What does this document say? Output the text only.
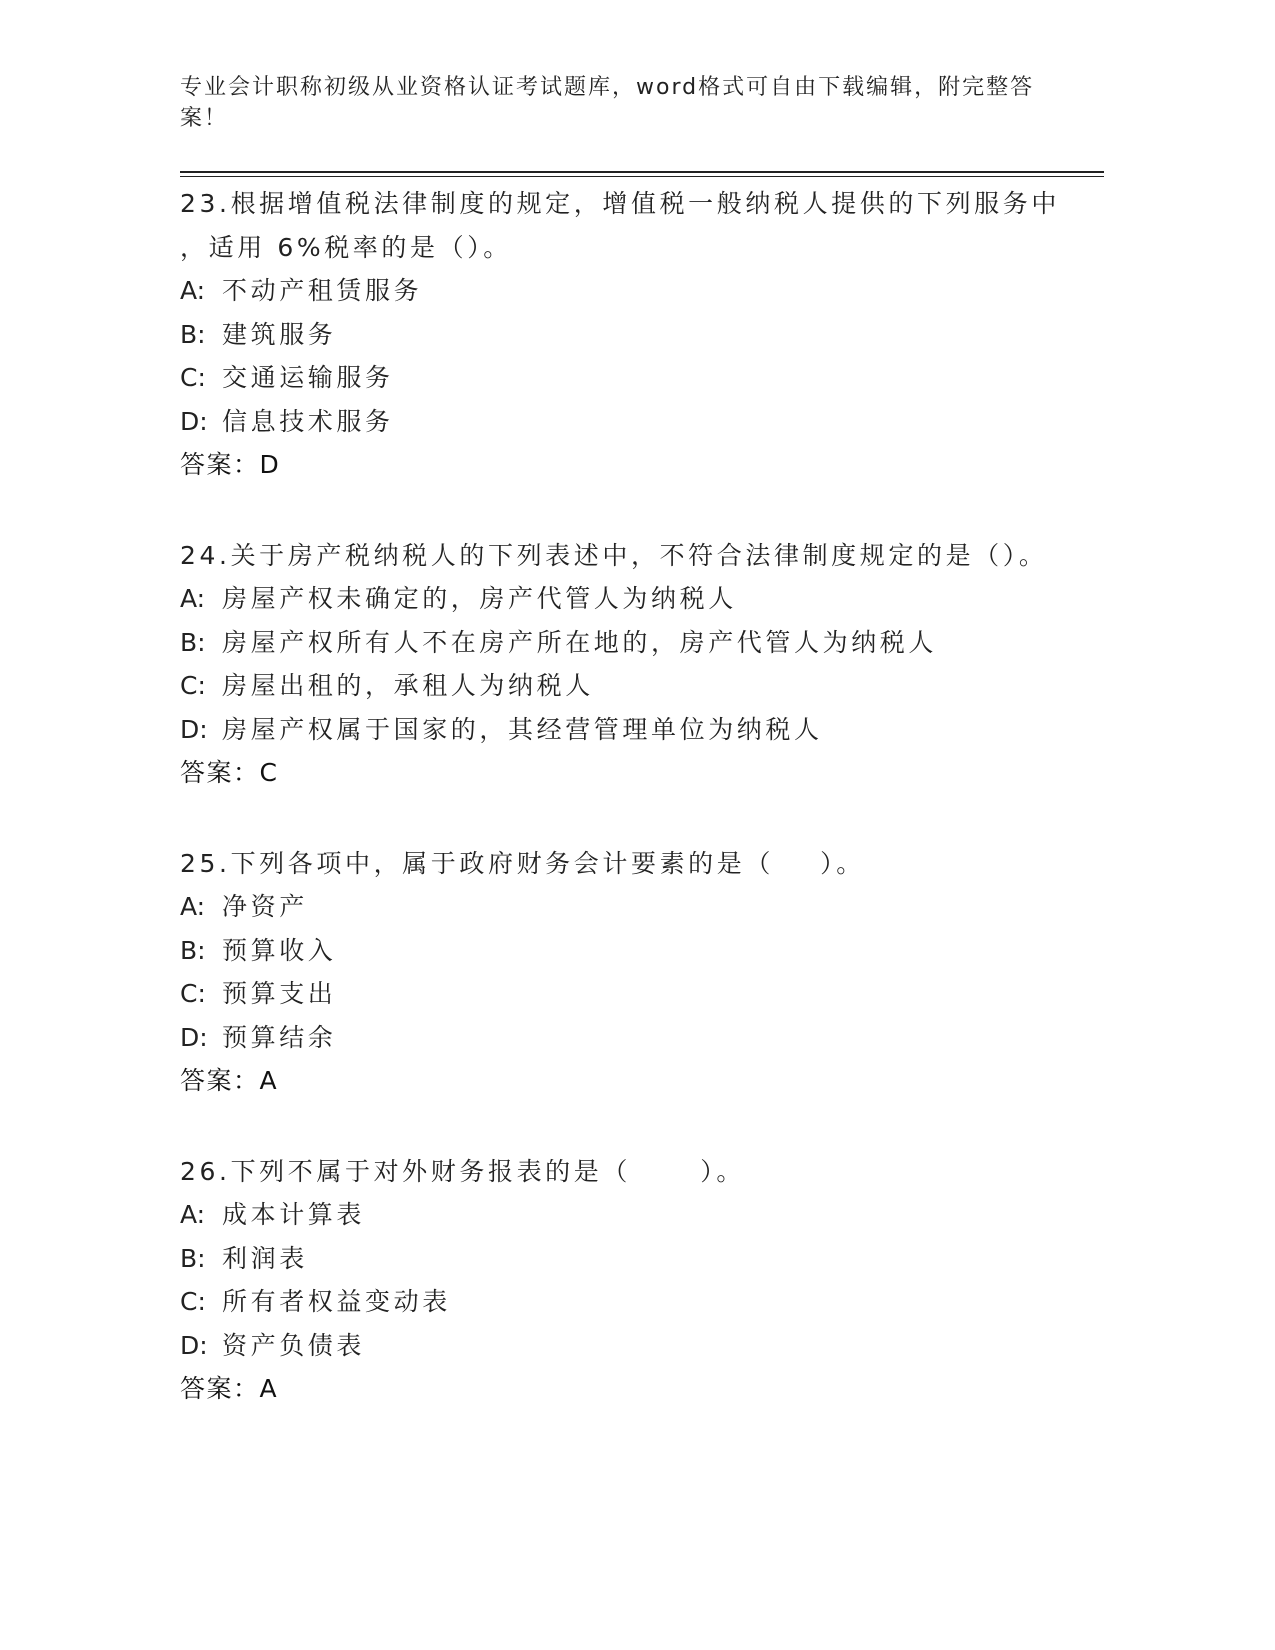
专业会计职称初级从业资格认证考试题库，word格式可自由下载编辑，附完整答案！
23.根据增值税法律制度的规定，增值税一般纳税人提供的下列服务中
，适用 6%税率的是（）。
A: 不动产租赁服务
B: 建筑服务
C: 交通运输服务
D: 信息技术服务
答案：D
24.关于房产税纳税人的下列表述中，不符合法律制度规定的是（）。
A: 房屋产权未确定的，房产代管人为纳税人
B: 房屋产权所有人不在房产所在地的，房产代管人为纳税人
C: 房屋出租的，承租人为纳税人
D: 房屋产权属于国家的，其经营管理单位为纳税人
答案：C
25.下列各项中，属于政府财务会计要素的是（    ）。
A: 净资产
B: 预算收入
C: 预算支出
D: 预算结余
答案：A
26.下列不属于对外财务报表的是（      ）。
A: 成本计算表
B: 利润表
C: 所有者权益变动表
D: 资产负债表
答案：A
